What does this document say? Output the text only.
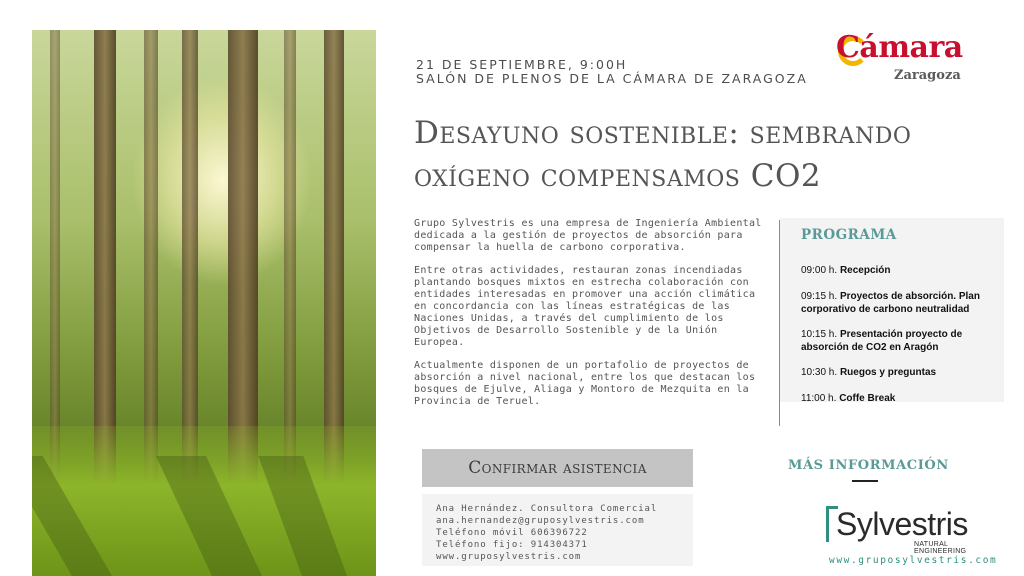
21 DE SEPTIEMBRE, 9:00H
SALÓN DE PLENOS DE LA CÁMARA DE ZARAGOZA
Cámara
Zaragoza
Desayuno sostenible: sembrando oxígeno compensamos CO2

Grupo Sylvestris es una empresa de Ingeniería Ambiental dedicada a la gestión de proyectos de absorción para compensar la huella de carbono corporativa.

Entre otras actividades, restauran zonas incendiadas plantando bosques mixtos en estrecha colaboración con entidades interesadas en promover una acción climática en concordancia con las líneas estratégicas de las Naciones Unidas, a través del cumplimiento de los Objetivos de Desarrollo Sostenible y de la Unión Europea.

Actualmente disponen de un portafolio de proyectos de absorción a nivel nacional, entre los que destacan los bosques de Ejulve, Aliaga y Montoro de Mezquita en la Provincia de Teruel.

PROGRAMA
09:00 h. Recepción
09:15 h. Proyectos de absorción. Plan corporativo de carbono neutralidad
10:15 h. Presentación proyecto de absorción de CO2 en Aragón
10:30 h. Ruegos y preguntas
11:00 h. Coffe Break
Confirmar asistencia
Ana Hernández. Consultora Comercial
ana.hernandez@gruposylvestris.com
Teléfono móvil 606396722
Teléfono fijo: 914304371
www.gruposylvestris.com
MÁS INFORMACIÓN
Sylvestris
NATURAL ENGINEERING
www.gruposylvestris.com
